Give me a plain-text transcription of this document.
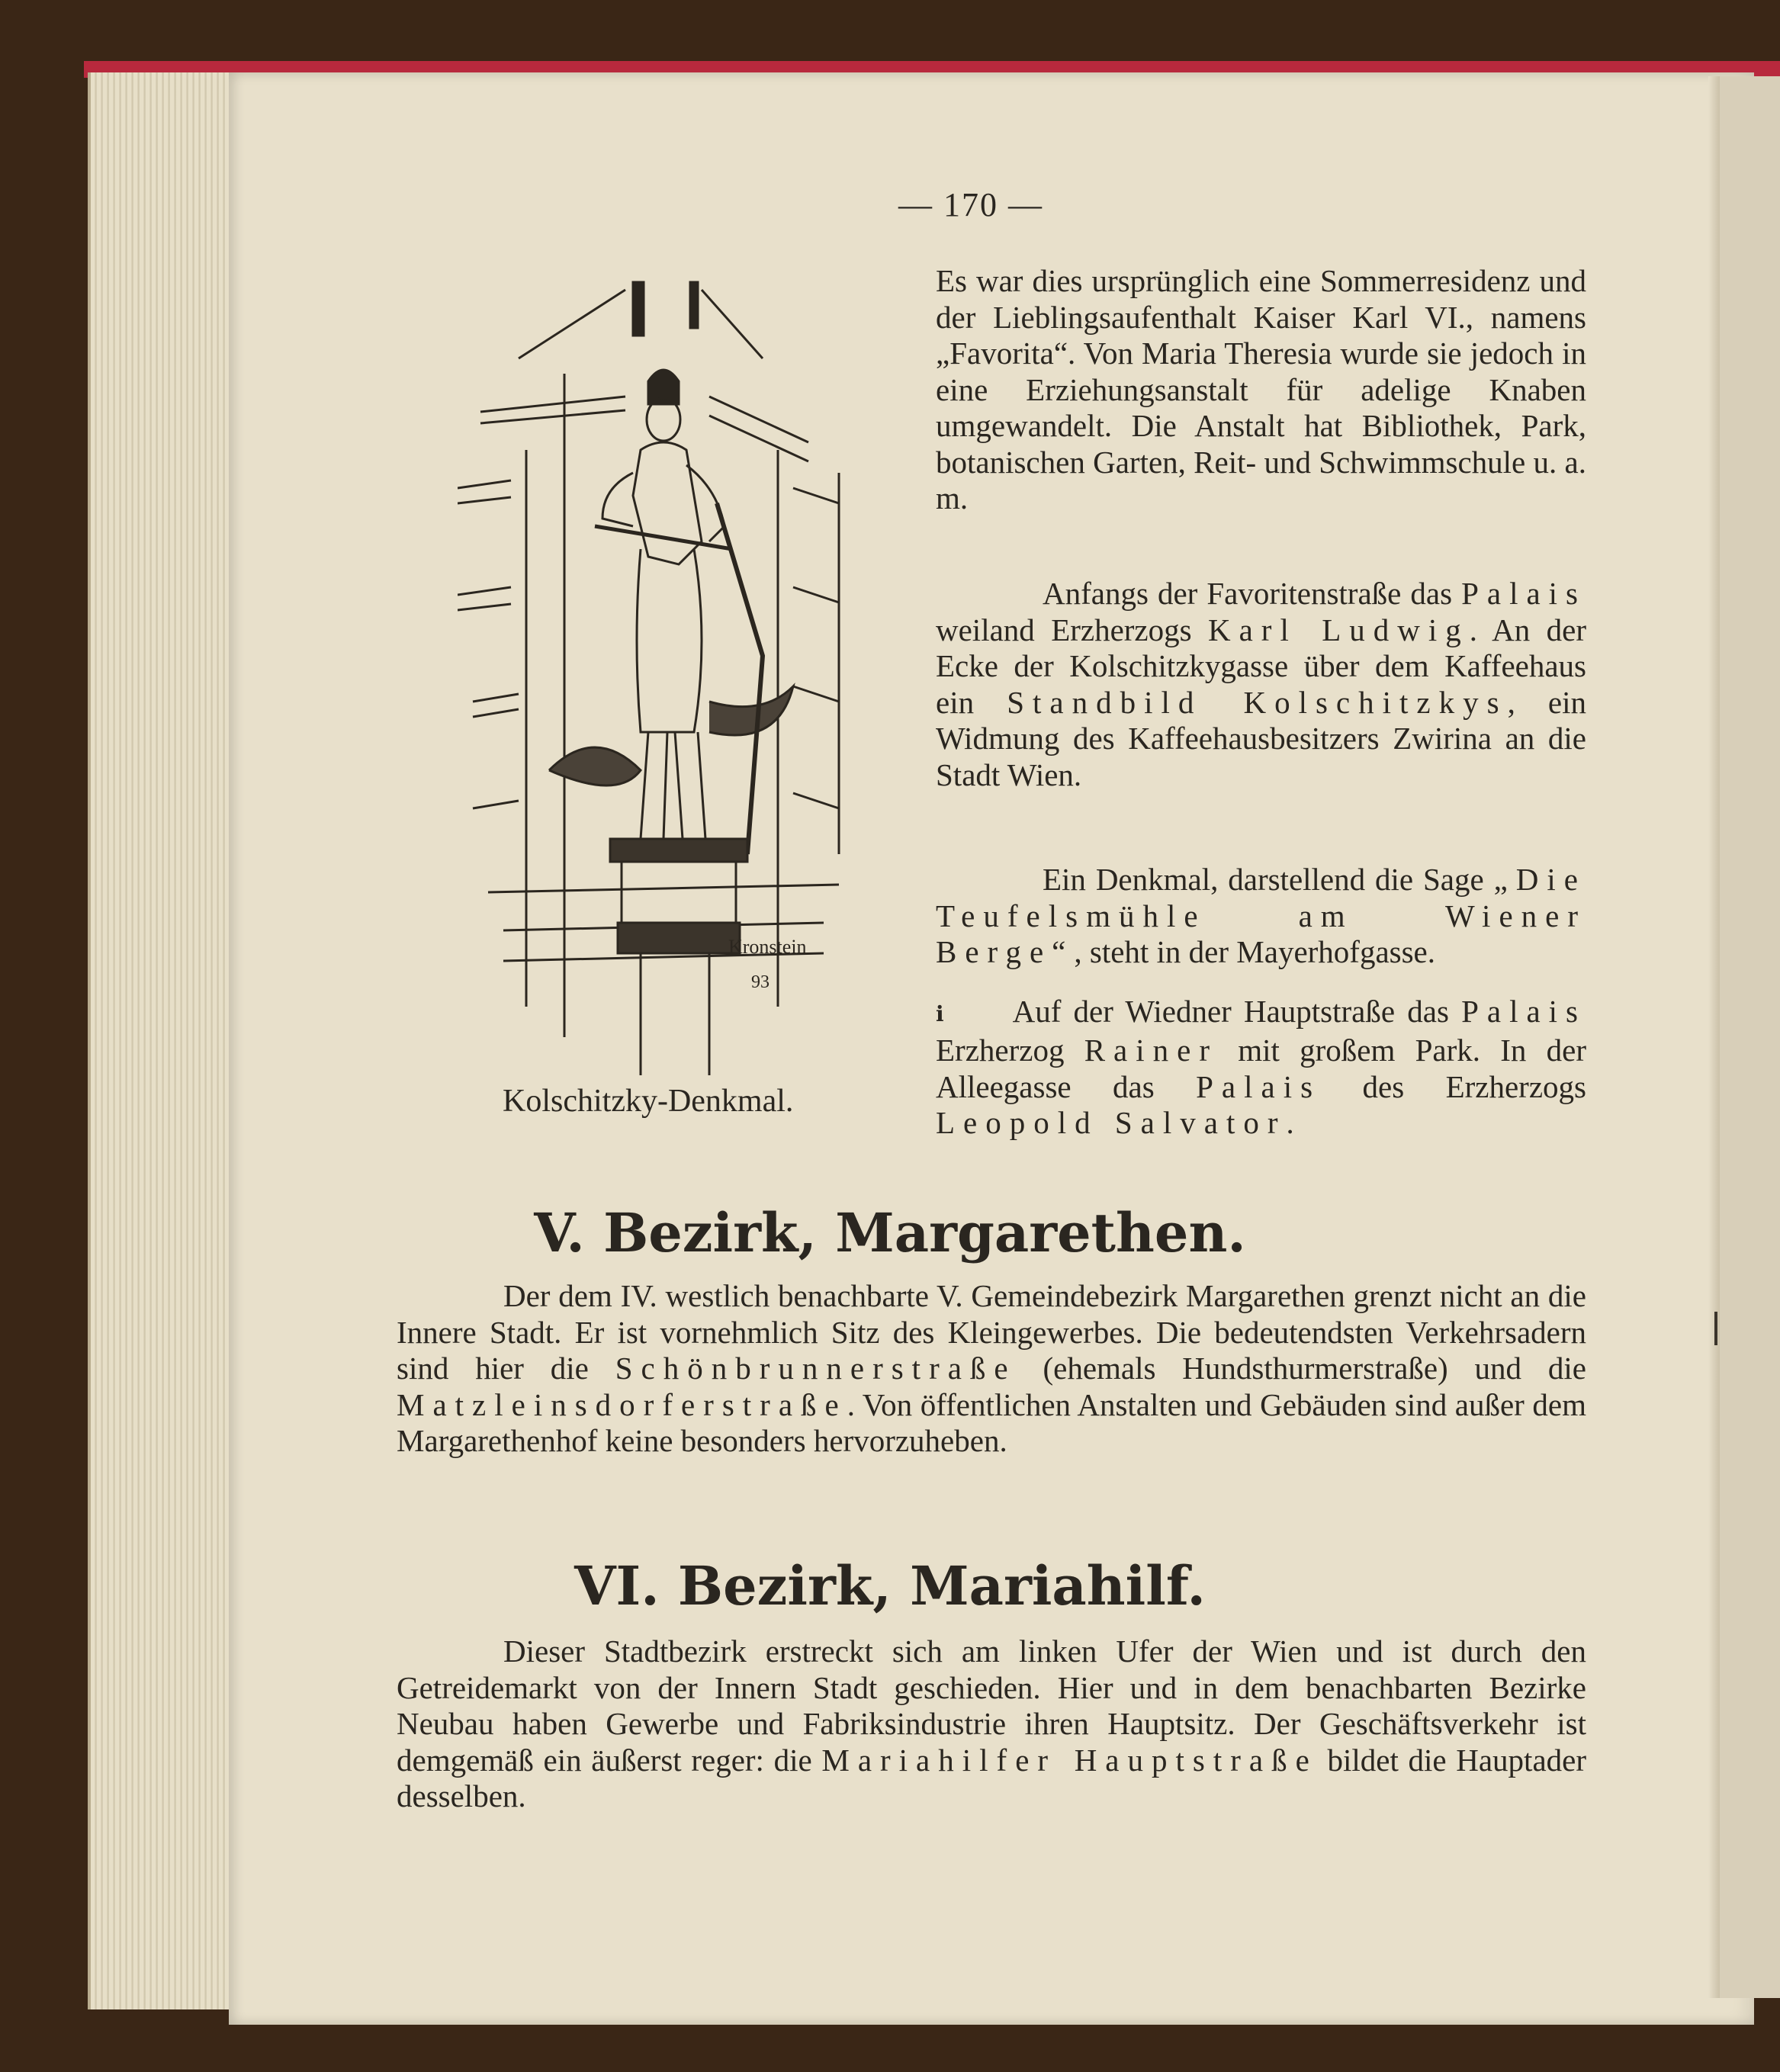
— 170 —
Es war dies ursprünglich eine Sommerresidenz und der Lieblingsaufenthalt Kaiser Karl VI., namens „Favorita“. Von Maria Theresia wurde sie jedoch in eine Erziehungsanstalt für adelige Knaben umgewandelt. Die Anstalt hat Bibliothek, Park, botanischen Garten, Reit- und Schwimmschule u. a. m.
Anfangs der Favoritenstraße das Palais weiland Erzherzogs Karl Ludwig. An der Ecke der Kolschitzkygasse über dem Kaffeehaus ein Standbild Kolschitzkys, ein Widmung des Kaffeehausbesitzers Zwirina an die Stadt Wien.
Ein Denkmal, darstellend die Sage „Die Teufelsmühle am Wiener Berge“, steht in der Mayerhofgasse.
ℹ Auf der Wiedner Hauptstraße das Palais Erzherzog Rainer mit großem Park. In der Alleegasse das Palais des Erzherzogs Leopold Salvator.
Kronstein
93
Kolschitzky-Denkmal.
V. Bezirk, Margarethen.
Der dem IV. westlich benachbarte V. Gemeindebezirk Margarethen grenzt nicht an die Innere Stadt. Er ist vornehmlich Sitz des Kleingewerbes. Die bedeutendsten Verkehrsadern sind hier die Schönbrunnerstraße (ehemals Hundsthurmerstraße) und die Matzleinsdorferstraße. Von öffentlichen Anstalten und Gebäuden sind außer dem Margarethenhof keine besonders hervorzuheben.
VI. Bezirk, Mariahilf.
Dieser Stadtbezirk erstreckt sich am linken Ufer der Wien und ist durch den Getreidemarkt von der Innern Stadt geschieden. Hier und in dem benachbarten Bezirke Neubau haben Gewerbe und Fabriksindustrie ihren Hauptsitz. Der Geschäftsverkehr ist demgemäß ein äußerst reger: die Mariahilfer Hauptstraße bildet die Hauptader desselben.
